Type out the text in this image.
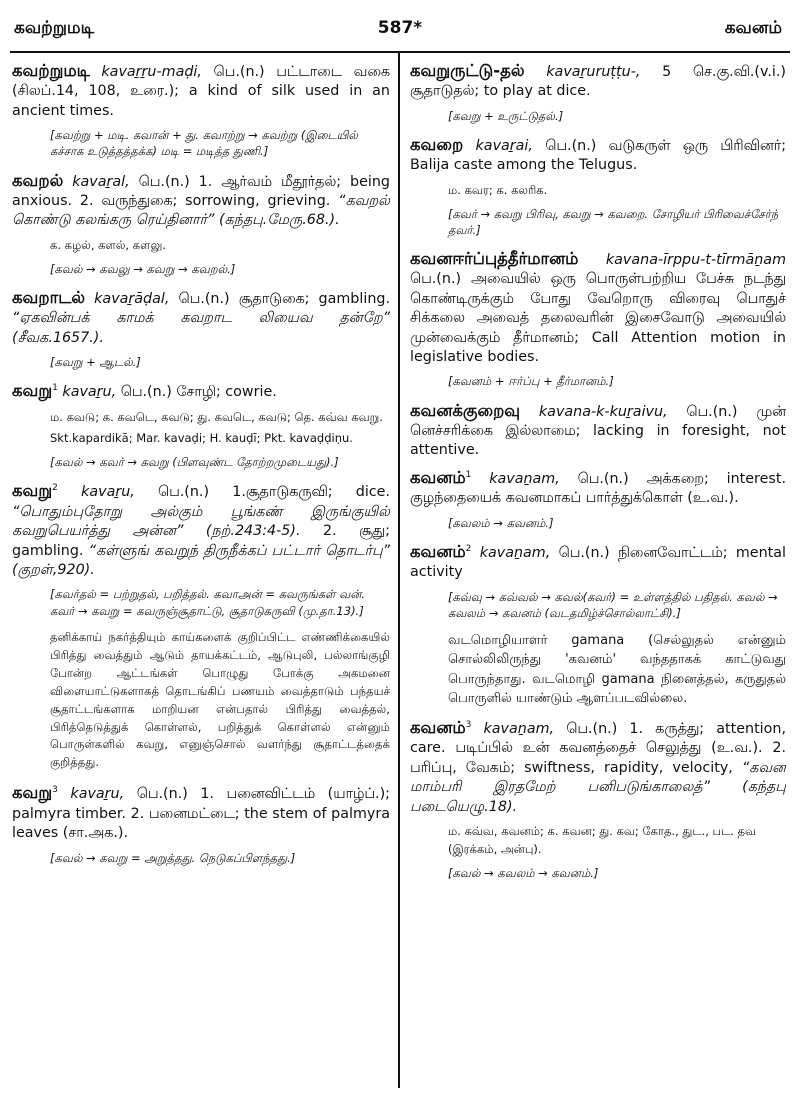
கவற்றுமடி	587*	கவனம்

கவற்றுமடி kavaṟṟu-maḍi, பெ.(n.) பட்டாடை வகை (சிலப்.14, 108, உரை.); a kind of silk used in an ancient times.

[கவற்று + மடி. கவான் + து. கவாற்று → கவற்று (இடையில் கச்சாக உடுத்தத்தக்க) மடி = மடித்த துணி.]

கவறல் kavaṟal, பெ.(n.) 1. ஆர்வம் மீதூர்தல்; being anxious. 2. வருந்துகை; sorrowing, grieving. “கவறல் கொண்டு கலங்கரு ரெய்தினார்” (கந்தபு.மேரு.68.).

க. கழல், களல், களலு.

[கவல் → கவலு → கவறு → கவறல்.]

கவறாடல் kavaṟāḍal, பெ.(n.) சூதாடுகை; gambling. “ஏகவின்பக் காமக் கவறாட லியைவ தன்றே” (சீவக.1657.).

[கவறு + ஆடல்.]

கவறு$^1$ kavaṟu, பெ.(n.) சோழி; cowrie.

ம. கவடு; க. கவடெ, கவடு; து. கவடெ, கவடு; தெ. கவ்வ கவறு.

Skt.kapardikā; Mar. kavaḍi; H. kauḍī; Pkt. kavaḍḍiṇu.

[கவல் → கவர் → கவறு (பிளவுண்ட தோற்றமுடையது).]

கவறு$^2$ kavaṟu, பெ.(n.) 1.சூதாடுகருவி; dice. “பொதும்புதோறு அல்கும் பூங்கண் இருங்குயில் கவறுபெயர்த்து அன்ன” (நற்.243:4-5). 2. சூது; gambling. “கள்ளுங் கவறுந் திருநீக்கப் பட்டார் தொடர்பு” (குறள்,920).

[கவர்தல் = பற்றுதல், பறித்தல். கவாஅன் = கவருங்கள் வன். கவர் → கவறு = கவருஞ்சூதாட்டு, சூதாடுகருவி (மு.தா.13).]

தனிக்காய் நகர்த்தியும் காய்களைக் குறிப்பிட்ட எண்ணிக்கையில் பிரித்து வைத்தும் ஆடும் தாயக்கட்டம், ஆடுபுலி, பல்லாங்குழி போன்ற ஆட்டங்கள் பொழுது போக்கு அகமனை விளையாட்டுகளாகத் தொடங்கிப் பணயம் வைத்தாடும் பந்தயச் சூதாட்டங்களாக மாறியன என்பதால் பிரித்து வைத்தல், பிரித்தெடுத்துக் கொள்ளல், பறித்துக் கொள்ளல் என்னும் பொருள்களில் கவறு, எனுஞ்சொல் வளர்ந்து சூதாட்டத்தைக் குறித்தது.

கவறு$^3$ kavaṟu, பெ.(n.) 1. பனைவிட்டம் (யாழ்ப்.); palmyra timber. 2. பனைமட்டை; the stem of palmyra leaves (சா.அக.).

[கவல் → கவறு = அறுத்தது. நெடுகப்பிளந்தது.]

கவறுருட்டு-தல் kavaṟuruṭṭu-, 5 செ.கு.வி.(v.i.) சூதாடுதல்; to play at dice.

[கவறு + உருட்டுதல்.]

கவறை kavaṟai, பெ.(n.) வடுகருள் ஒரு பிரிவினர்; Balija caste among the Telugus.

ம. கவர; க. கலரிக.

[கவர் → கவறு பிரிவு, கவறு → கவறை. சோழியர் பிரிவைச்சேர்ந் தவர்.]

கவனஈர்ப்புத்தீர்மானம் kavana-īrppu-t-tīrmāṉam பெ.(n.) அவையில் ஒரு பொருள்பற்றிய பேச்சு நடந்து கொண்டிருக்கும் போது வேறொரு விரைவு பொதுச் சிக்கலை அவைத் தலைவரின் இசைவோடு அவையில் முன்வைக்கும் தீர்மானம்; Call Attention motion in legislative bodies.

[கவனம் + ஈர்ப்பு + தீர்மானம்.]

கவனக்குறைவு kavana-k-kuṟaivu, பெ.(n.) முன் னெச்சரிக்கை இல்லாமை; lacking in foresight, not attentive.

கவனம்$^1$ kavaṉam, பெ.(n.) அக்கறை; interest. குழந்தையைக் கவனமாகப் பார்த்துக்கொள் (உ.வ.).

[கவலம் → கவனம்.]

கவனம்$^2$ kavaṉam, பெ.(n.) நினைவோட்டம்; mental activity

[கவ்வு → கவ்வல் → கவல்(கவர்) = உள்ளத்தில் பதிதல். கவல் → கவலம் → கவனம் (வடதமிழ்ச்சொல்லாட்சி).]

வடமொழியாளர் gamana (செல்லுதல் என்னும் சொல்லிலிருந்து 'கவனம்' வந்ததாகக் காட்டுவது பொருந்தாது. வடமொழி gamana நினைத்தல், கருதுதல் பொருளில் யாண்டும் ஆளப்படவில்லை.

கவனம்$^3$ kavaṉam, பெ.(n.) 1. கருத்து; attention, care. படிப்பில் உன் கவனத்தைச் செலுத்து (உ.வ.). 2. பரிப்பு, வேகம்; swiftness, rapidity, velocity, “கவன மாம்பரி இரதமேற் பனிபடுங்காலைத்” (கந்தபு படையெழு.18).

ம. கவ்வ, கவனம்; க. கவன; து. கவ; கோத., துட., பட. தவ (இரக்கம், அன்பு).

[கவல் → கவலம் → கவனம்.]
